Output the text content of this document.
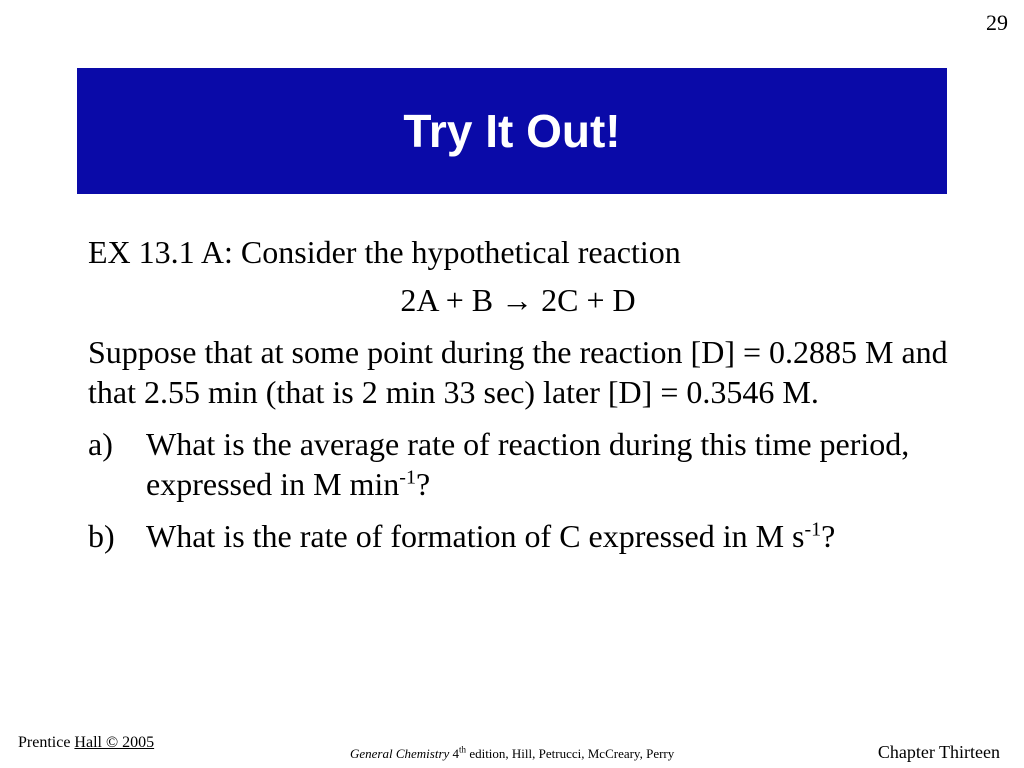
29
Try It Out!

EX 13.1 A: Consider the hypothetical reaction

2A + B → 2C + D

Suppose that at some point during the reaction [D] = 0.2885 M and that 2.55 min (that is 2 min 33 sec) later [D] = 0.3546 M.

a)	What is the average rate of reaction during this time period, expressed in M $\min^{-1}$?
b) What is the rate of formation of C expressed in M $s^{-1}$?
Prentice Hall © 2005
General Chemistry 4th edition, Hill, Petrucci, McCreary, Perry	Chapter Thirteen
